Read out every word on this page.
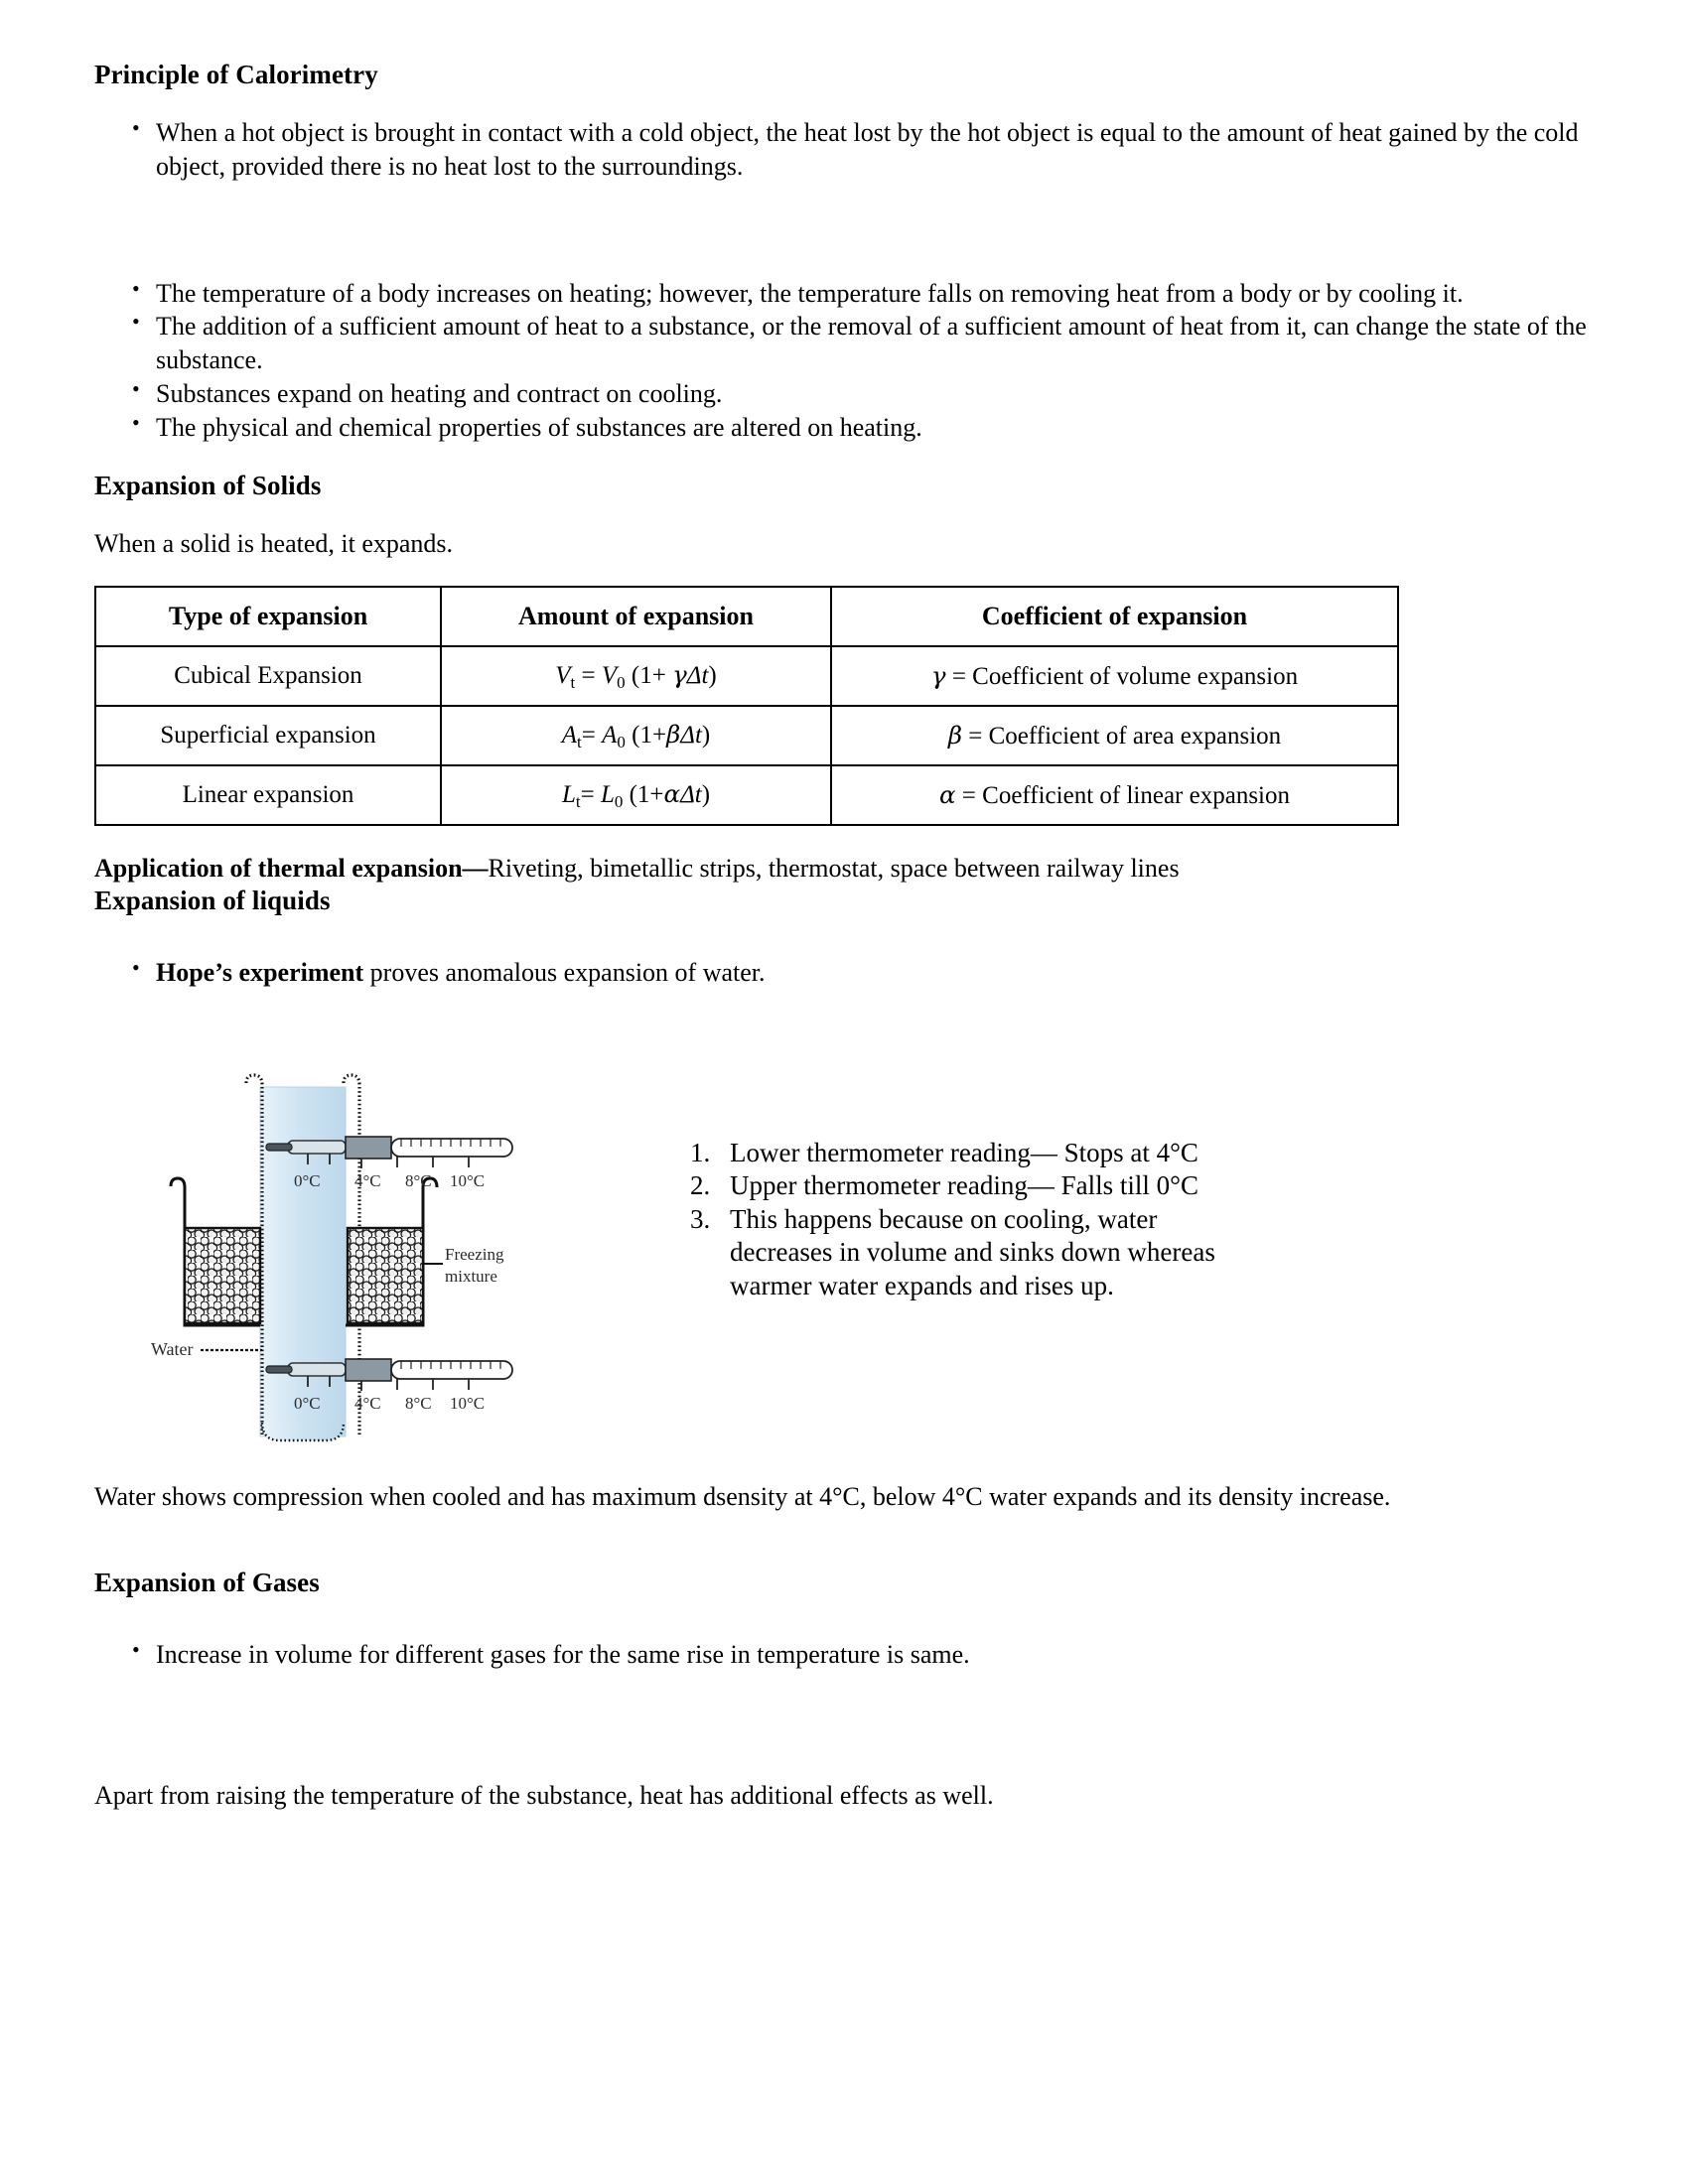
Principle of Calorimetry
• When a hot object is brought in contact with a cold object, the heat lost by the hot object is equal to the amount of heat gained by the cold object, provided there is no heat lost to the surroundings.
• The temperature of a body increases on heating; however, the temperature falls on removing heat from a body or by cooling it.
• The addition of a sufficient amount of heat to a substance, or the removal of a sufficient amount of heat from it, can change the state of the substance.
• Substances expand on heating and contract on cooling.
• The physical and chemical properties of substances are altered on heating.
Expansion of Solids

When a solid is heated, it expands.

Type of expansion	Amount of expansion	Coefficient of expansion
Cubical Expansion	$V_t = V_0$ (1+ γΔt)	γ = Coefficient of volume expansion
Superficial expansion	$A_t= A_0$ (1+βΔt)	β = Coefficient of area expansion
Linear expansion	$L_t= L_0$ (1+αΔt)	α = Coefficient of linear expansion

Application of thermal expansion—Riveting, bimetallic strips, thermostat, space between railway lines

Expansion of liquids
• Hope’s experiment proves anomalous expansion of water.
0°C 4°C 8°C 10°C
0°C 4°C 8°C 10°C
Freezing
mixture
Water
1. Lower thermometer reading— Stops at 4°C
2. Upper thermometer reading— Falls till 0°C
3. This happens because on cooling, water
decreases in volume and sinks down whereas
warmer water expands and rises up.

Water shows compression when cooled and has maximum dsensity at 4°C, below 4°C water expands and its density increase.

Expansion of Gases
• Increase in volume for different gases for the same rise in temperature is same.

Apart from raising the temperature of the substance, heat has additional effects as well.
